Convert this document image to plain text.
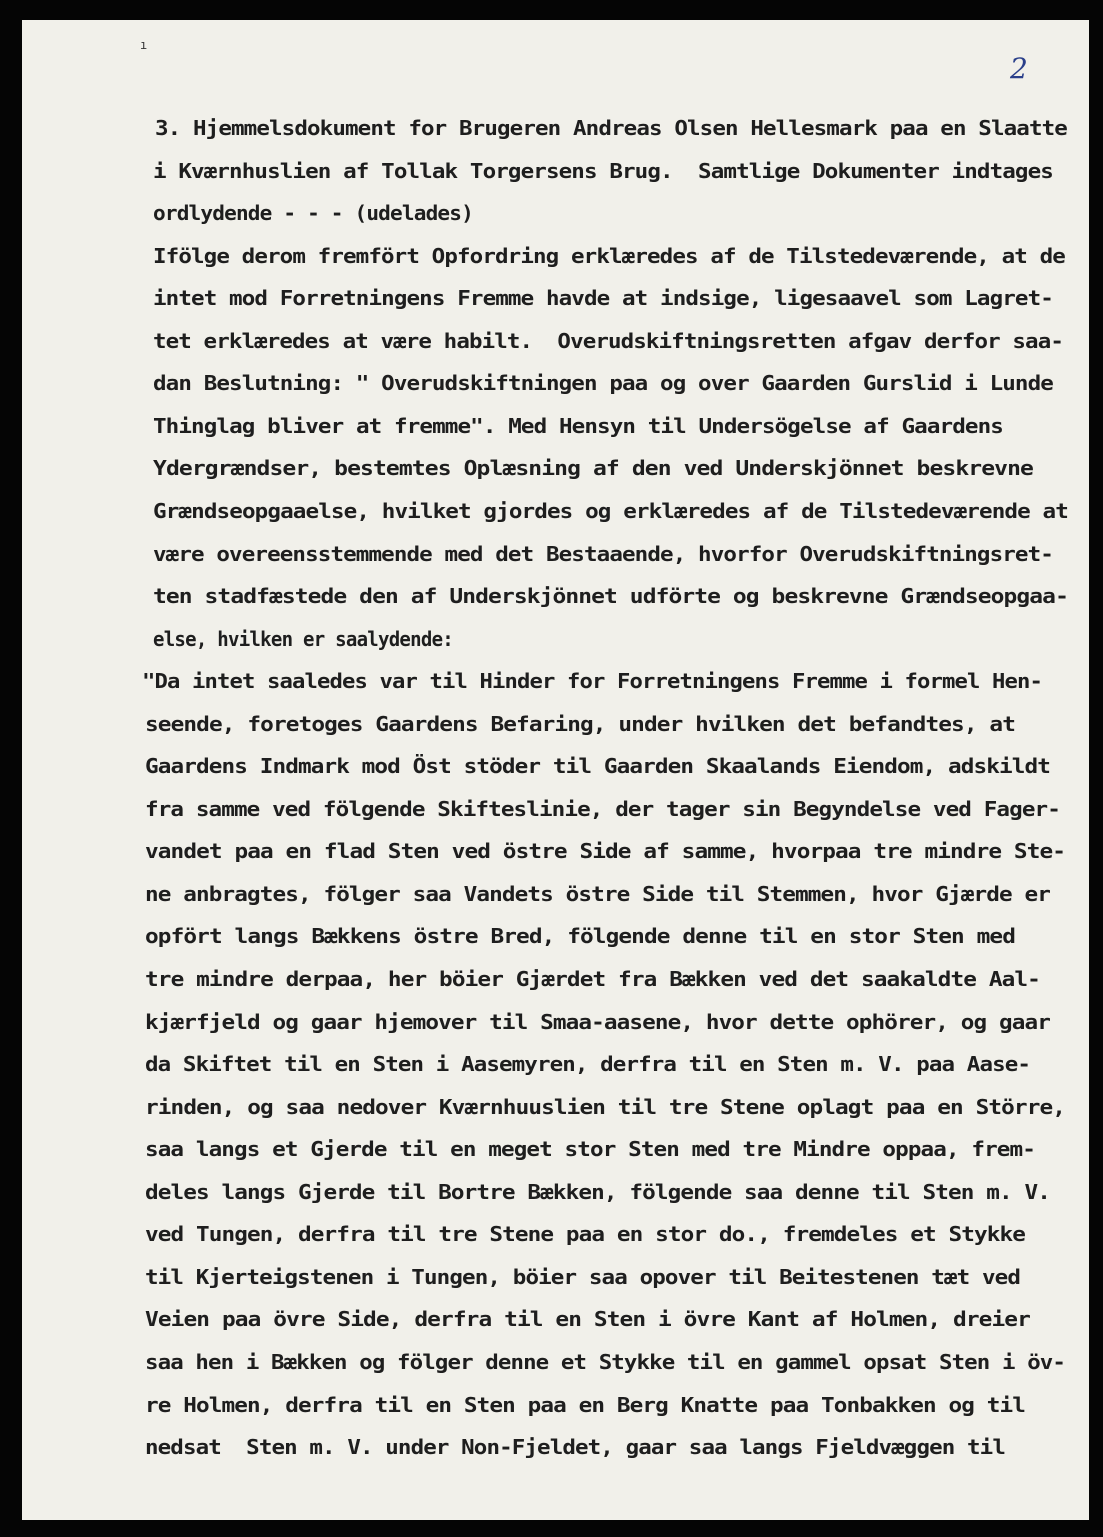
ı
2
3. Hjemmelsdokument for Brugeren Andreas Olsen Hellesmark paa en Slaatte
i Kværnhuslien af Tollak Torgersens Brug.  Samtlige Dokumenter indtages
ordlydende - - - (udelades)
Ifölge derom fremfört Opfordring erklæredes af de Tilstedeværende, at de
intet mod Forretningens Fremme havde at indsige, ligesaavel som Lagret-
tet erklæredes at være habilt.  Overudskiftningsretten afgav derfor saa-
dan Beslutning: " Overudskiftningen paa og over Gaarden Gurslid i Lunde
Thinglag bliver at fremme". Med Hensyn til Undersögelse af Gaardens
Ydergrændser, bestemtes Oplæsning af den ved Underskjönnet beskrevne
Grændseopgaaelse, hvilket gjordes og erklæredes af de Tilstedeværende at
være overeensstemmende med det Bestaaende, hvorfor Overudskiftningsret-
ten stadfæstede den af Underskjönnet udförte og beskrevne Grændseopgaa-
else, hvilken er saalydende:
"Da intet saaledes var til Hinder for Forretningens Fremme i formel Hen-
seende, foretoges Gaardens Befaring, under hvilken det befandtes, at
Gaardens Indmark mod Öst stöder til Gaarden Skaalands Eiendom, adskildt
fra samme ved fölgende Skifteslinie, der tager sin Begyndelse ved Fager-
vandet paa en flad Sten ved östre Side af samme, hvorpaa tre mindre Ste-
ne anbragtes, fölger saa Vandets östre Side til Stemmen, hvor Gjærde er
opfört langs Bækkens östre Bred, fölgende denne til en stor Sten med
tre mindre derpaa, her böier Gjærdet fra Bækken ved det saakaldte Aal-
kjærfjeld og gaar hjemover til Smaa-aasene, hvor dette ophörer, og gaar
da Skiftet til en Sten i Aasemyren, derfra til en Sten m. V. paa Aase-
rinden, og saa nedover Kværnhuuslien til tre Stene oplagt paa en Större,
saa langs et Gjerde til en meget stor Sten med tre Mindre oppaa, frem-
deles langs Gjerde til Bortre Bækken, fölgende saa denne til Sten m. V.
ved Tungen, derfra til tre Stene paa en stor do., fremdeles et Stykke
til Kjerteigstenen i Tungen, böier saa opover til Beitestenen tæt ved
Veien paa övre Side, derfra til en Sten i övre Kant af Holmen, dreier
saa hen i Bækken og fölger denne et Stykke til en gammel opsat Sten i öv-
re Holmen, derfra til en Sten paa en Berg Knatte paa Tonbakken og til
nedsat  Sten m. V. under Non-Fjeldet, gaar saa langs Fjeldvæggen til
